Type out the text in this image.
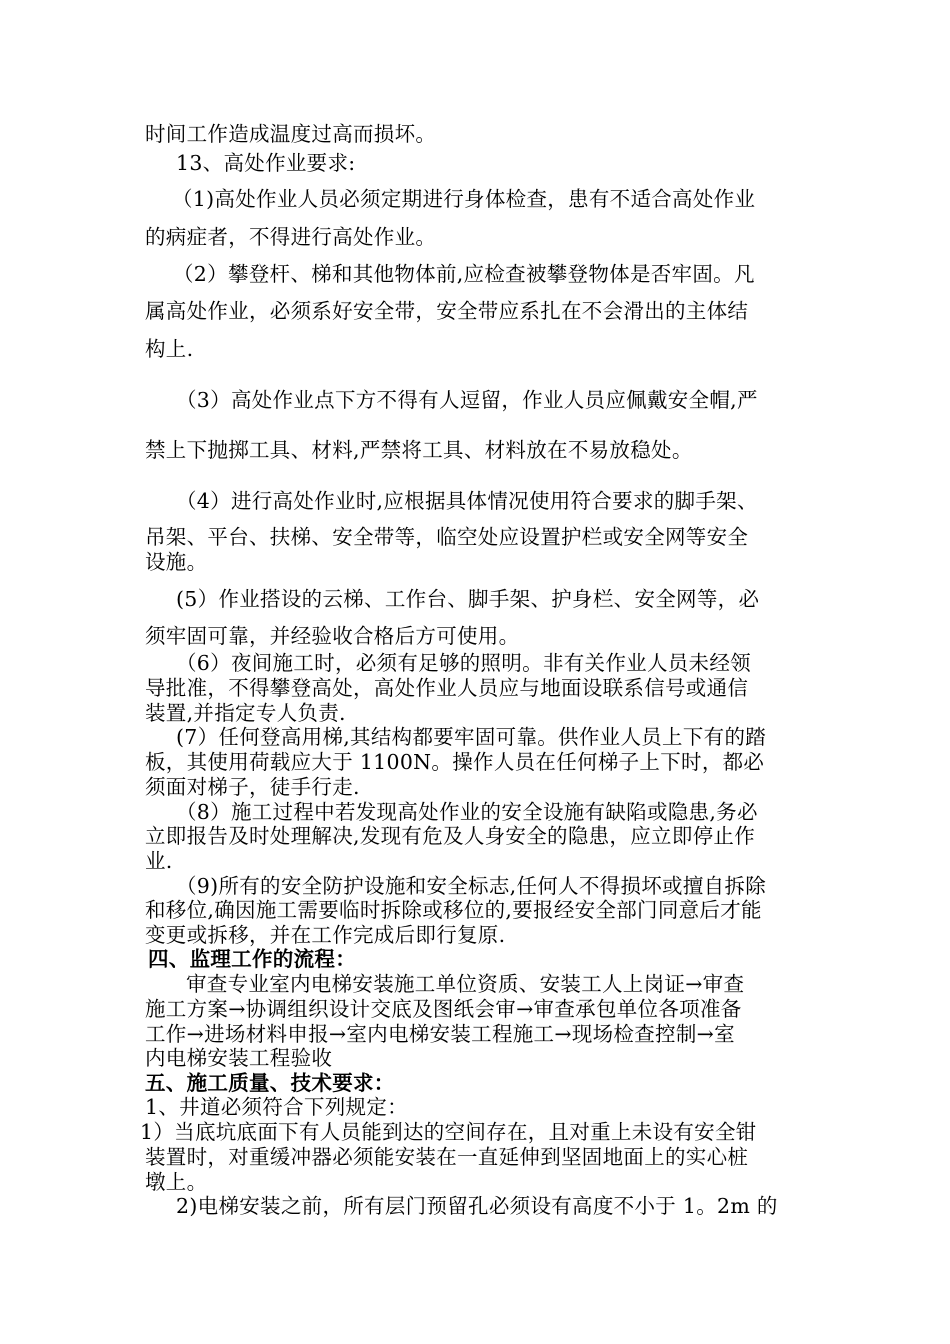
时间工作造成温度过高而损坏。
13、高处作业要求:
（1)高处作业人员必须定期进行身体检查，患有不适合高处作业
的病症者，不得进行高处作业。
（2）攀登杆、梯和其他物体前,应检查被攀登物体是否牢固。凡
属高处作业，必须系好安全带，安全带应系扎在不会滑出的主体结
构上.
（3）高处作业点下方不得有人逗留，作业人员应佩戴安全帽,严
禁上下抛掷工具、材料,严禁将工具、材料放在不易放稳处。
（4）进行高处作业时,应根据具体情况使用符合要求的脚手架、
吊架、平台、扶梯、安全带等，临空处应设置护栏或安全网等安全
设施。
(5）作业搭设的云梯、工作台、脚手架、护身栏、安全网等，必
须牢固可靠，并经验收合格后方可使用。
（6）夜间施工时，必须有足够的照明。非有关作业人员未经领
导批准，不得攀登高处，高处作业人员应与地面设联系信号或通信
装置,并指定专人负责.
(7）任何登高用梯,其结构都要牢固可靠。供作业人员上下有的踏
板，其使用荷载应大于 1100N。操作人员在任何梯子上下时，都必
须面对梯子，徒手行走.
（8）施工过程中若发现高处作业的安全设施有缺陷或隐患,务必
立即报告及时处理解决,发现有危及人身安全的隐患，应立即停止作
业.
（9)所有的安全防护设施和安全标志,任何人不得损坏或擅自拆除
和移位,确因施工需要临时拆除或移位的,要报经安全部门同意后才能
变更或拆移，并在工作完成后即行复原.
四、监理工作的流程：
审查专业室内电梯安装施工单位资质、安装工人上岗证→审查
施工方案→协调组织设计交底及图纸会审→审查承包单位各项准备
工作→进场材料申报→室内电梯安装工程施工→现场检查控制→室
内电梯安装工程验收
五、施工质量、技术要求：
1、井道必须符合下列规定：
1）当底坑底面下有人员能到达的空间存在，且对重上未设有安全钳
装置时，对重缓冲器必须能安装在一直延伸到坚固地面上的实心桩
墩上。
2)电梯安装之前，所有层门预留孔必须设有高度不小于 1。2m 的
